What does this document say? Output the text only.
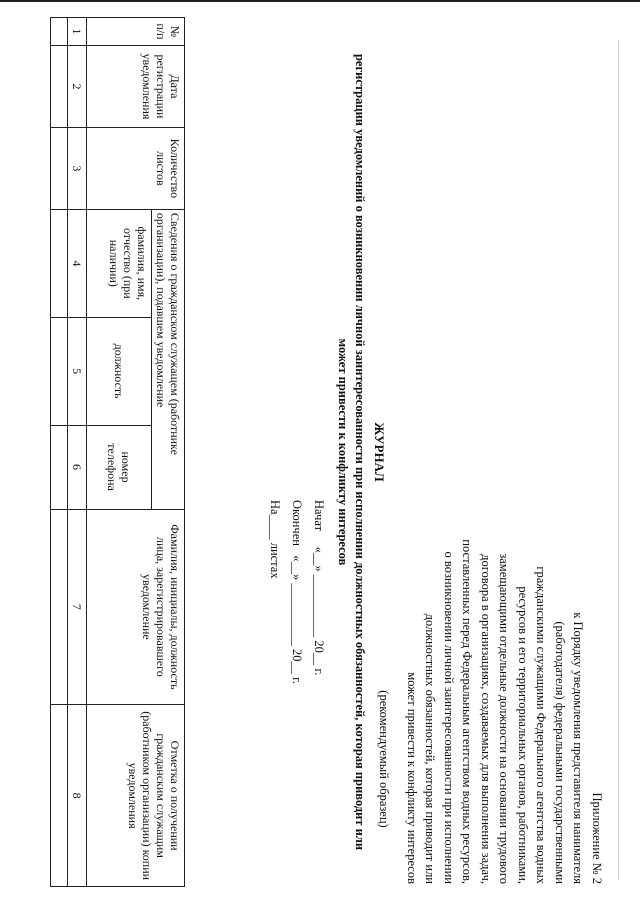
Приложение № 2
к Порядку уведомления представителя нанимателя
(работодателя) федеральными государственными
гражданскими служащими Федерального агентства водных
ресурсов и его территориальных органов, работниками,
замещающими отдельные должности на основании трудового
договора в организациях, создаваемых для выполнения задач,
поставленных перед Федеральным агентством водных ресурсов,
о возникновении личной заинтересованности при исполнении
должностных обязанностей, которая приводит или
может привести к конфликту интересов
(рекомендуемый образец)
ЖУРНАЛ
регистрации уведомлений о возникновении личной заинтересованности при исполнении должностных обязанностей, которая приводит или может привести к конфликту интересов
Начат     «__» __________ 20__ г.
Окончен   «__» __________ 20__ г.
На____ листах
№ п/п	Дата регистрации уведомления	Количество листов	Сведения о гражданском служащем (работнике организации), подавшем уведомление			Фамилия, инициалы, должность лица, зарегистрировавшего уведомление	Отметка о получении гражданским служащим (работником организации) копии уведомления
			фамилия, имя, отчество (при наличии)	должность	номер телефона		
1	2	3	4	5	6	7	8
